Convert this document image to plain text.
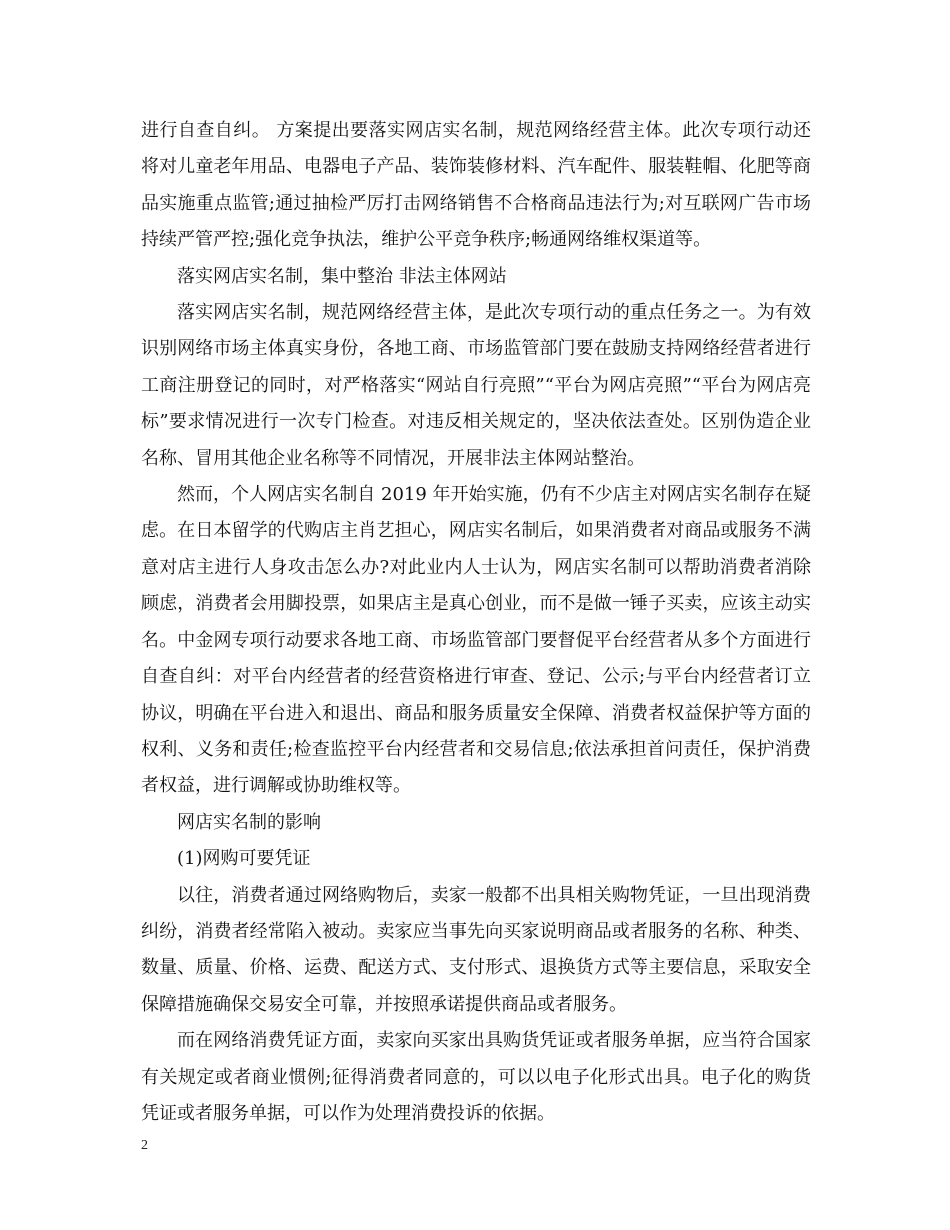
进行自查自纠。 方案提出要落实网店实名制，规范网络经营主体。此次专项行动还将对儿童老年用品、电器电子产品、装饰装修材料、汽车配件、服装鞋帽、化肥等商品实施重点监管;通过抽检严厉打击网络销售不合格商品违法行为;对互联网广告市场持续严管严控;强化竞争执法，维护公平竞争秩序;畅通网络维权渠道等。

落实网店实名制，集中整治 非法主体网站

落实网店实名制，规范网络经营主体，是此次专项行动的重点任务之一。为有效识别网络市场主体真实身份，各地工商、市场监管部门要在鼓励支持网络经营者进行工商注册登记的同时，对严格落实“网站自行亮照”“平台为网店亮照”“平台为网店亮标”要求情况进行一次专门检查。对违反相关规定的，坚决依法查处。区别伪造企业名称、冒用其他企业名称等不同情况，开展非法主体网站整治。

然而，个人网店实名制自 2019 年开始实施，仍有不少店主对网店实名制存在疑虑。在日本留学的代购店主肖艺担心，网店实名制后，如果消费者对商品或服务不满意对店主进行人身攻击怎么办?对此业内人士认为，网店实名制可以帮助消费者消除顾虑，消费者会用脚投票，如果店主是真心创业，而不是做一锤子买卖，应该主动实名。中金网专项行动要求各地工商、市场监管部门要督促平台经营者从多个方面进行自查自纠：对平台内经营者的经营资格进行审查、登记、公示;与平台内经营者订立协议，明确在平台进入和退出、商品和服务质量安全保障、消费者权益保护等方面的权利、义务和责任;检查监控平台内经营者和交易信息;依法承担首问责任，保护消费者权益，进行调解或协助维权等。

网店实名制的影响

(1)网购可要凭证

以往，消费者通过网络购物后，卖家一般都不出具相关购物凭证，一旦出现消费纠纷，消费者经常陷入被动。卖家应当事先向买家说明商品或者服务的名称、种类、数量、质量、价格、运费、配送方式、支付形式、退换货方式等主要信息，采取安全保障措施确保交易安全可靠，并按照承诺提供商品或者服务。

而在网络消费凭证方面，卖家向买家出具购货凭证或者服务单据，应当符合国家有关规定或者商业惯例;征得消费者同意的，可以以电子化形式出具。电子化的购货凭证或者服务单据，可以作为处理消费投诉的依据。

2
